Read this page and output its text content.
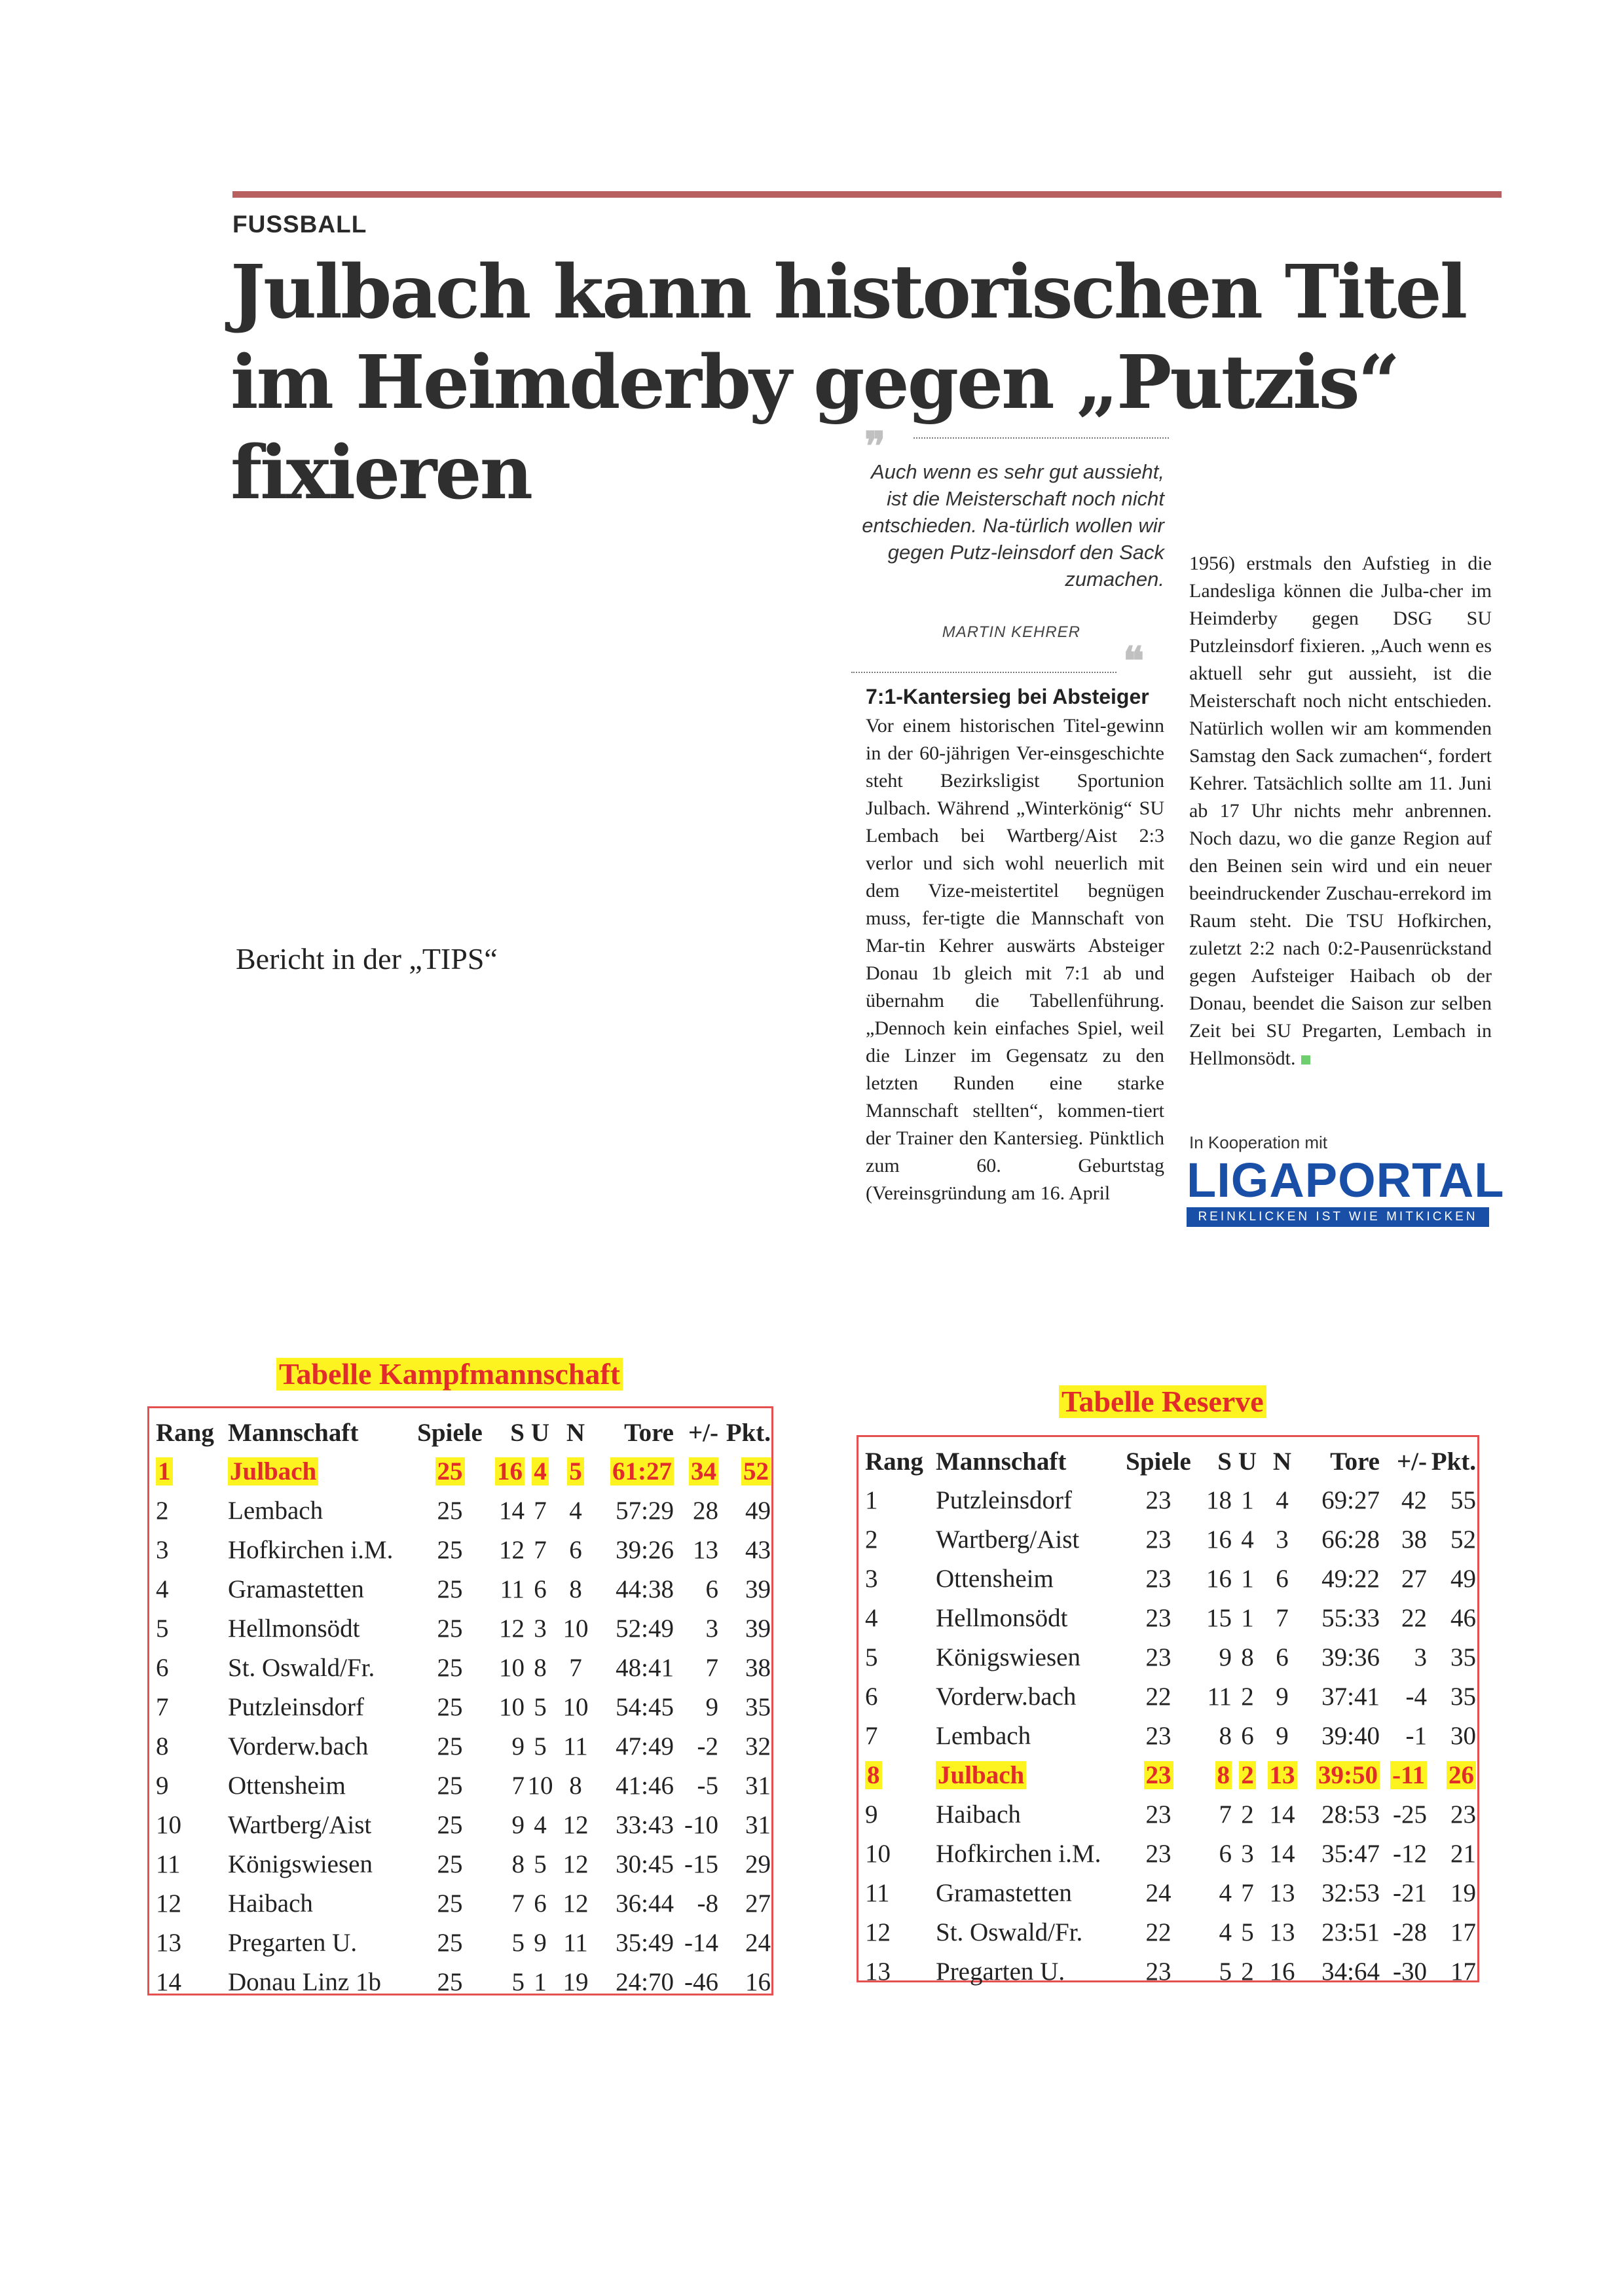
FUSSBALL
Julbach kann historischen Titel im Heimderby gegen „Putzis“ fixieren	❞
Auch wenn es sehr gut aussieht, ist die Meisterschaft noch nicht entschieden. Na-türlich wollen wir gegen Putz-leinsdorf den Sack zumachen.
MARTIN KEHRER
❝
7:1-Kantersieg bei Absteiger
Vor einem historischen Titel-gewinn in der 60-jährigen Ver-einsgeschichte steht Bezirksligist Sportunion Julbach. Während „Winterkönig“ SU Lembach bei Wartberg/Aist 2:3 verlor und sich wohl neuerlich mit dem Vize-meistertitel begnügen muss, fer-tigte die Mannschaft von Mar-tin Kehrer auswärts Absteiger Donau 1b gleich mit 7:1 ab und übernahm die Tabellenführung. „Dennoch kein einfaches Spiel, weil die Linzer im Gegensatz zu den letzten Runden eine starke Mannschaft stellten“, kommen-tiert der Trainer den Kantersieg. Pünktlich zum 60. Geburtstag (Vereinsgründung am 16. April
1956) erstmals den Aufstieg in die Landesliga können die Julba-cher im Heimderby gegen DSG SU Putzleinsdorf fixieren. „Auch wenn es aktuell sehr gut aussieht, ist die Meisterschaft noch nicht entschieden. Natürlich wollen wir am kommenden Samstag den Sack zumachen“, fordert Kehrer. Tatsächlich sollte am 11. Juni ab 17 Uhr nichts mehr anbrennen. Noch dazu, wo die ganze Region auf den Beinen sein wird und ein neuer beeindruckender Zuschau-errekord im Raum steht. Die TSU Hofkirchen, zuletzt 2:2 nach 0:2-Pausenrückstand gegen Aufsteiger Haibach ob der Donau, beendet die Saison zur selben Zeit bei SU Pregarten, Lembach in Hellmonsödt.
In Kooperation mit
LIGAPORTAL
REINKLICKEN IST WIE MITKICKEN
Bericht in der „TIPS“
Tabelle Kampfmannschaft
Rang	Mannschaft	Spiele	S	U	N	Tore	+/-	Pkt.
1	Julbach	25	16	4	5	61:27	34	52
2	Lembach	25	14	7	4	57:29	28	49
3	Hofkirchen i.M.	25	12	7	6	39:26	13	43
4	Gramastetten	25	11	6	8	44:38	6	39
5	Hellmonsödt	25	12	3	10	52:49	3	39
6	St. Oswald/Fr.	25	10	8	7	48:41	7	38
7	Putzleinsdorf	25	10	5	10	54:45	9	35
8	Vorderw.bach	25	9	5	11	47:49	-2	32
9	Ottensheim	25	7	10	8	41:46	-5	31
10	Wartberg/Aist	25	9	4	12	33:43	-10	31
11	Königswiesen	25	8	5	12	30:45	-15	29
12	Haibach	25	7	6	12	36:44	-8	27
13	Pregarten U.	25	5	9	11	35:49	-14	24
14	Donau Linz 1b	25	5	1	19	24:70	-46	16
Tabelle Reserve
Rang	Mannschaft	Spiele	S	U	N	Tore	+/-	Pkt.
1	Putzleinsdorf	23	18	1	4	69:27	42	55
2	Wartberg/Aist	23	16	4	3	66:28	38	52
3	Ottensheim	23	16	1	6	49:22	27	49
4	Hellmonsödt	23	15	1	7	55:33	22	46
5	Königswiesen	23	9	8	6	39:36	3	35
6	Vorderw.bach	22	11	2	9	37:41	-4	35
7	Lembach	23	8	6	9	39:40	-1	30
8	Julbach	23	8	2	13	39:50	-11	26
9	Haibach	23	7	2	14	28:53	-25	23
10	Hofkirchen i.M.	23	6	3	14	35:47	-12	21
11	Gramastetten	24	4	7	13	32:53	-21	19
12	St. Oswald/Fr.	22	4	5	13	23:51	-28	17
13	Pregarten U.	23	5	2	16	34:64	-30	17
